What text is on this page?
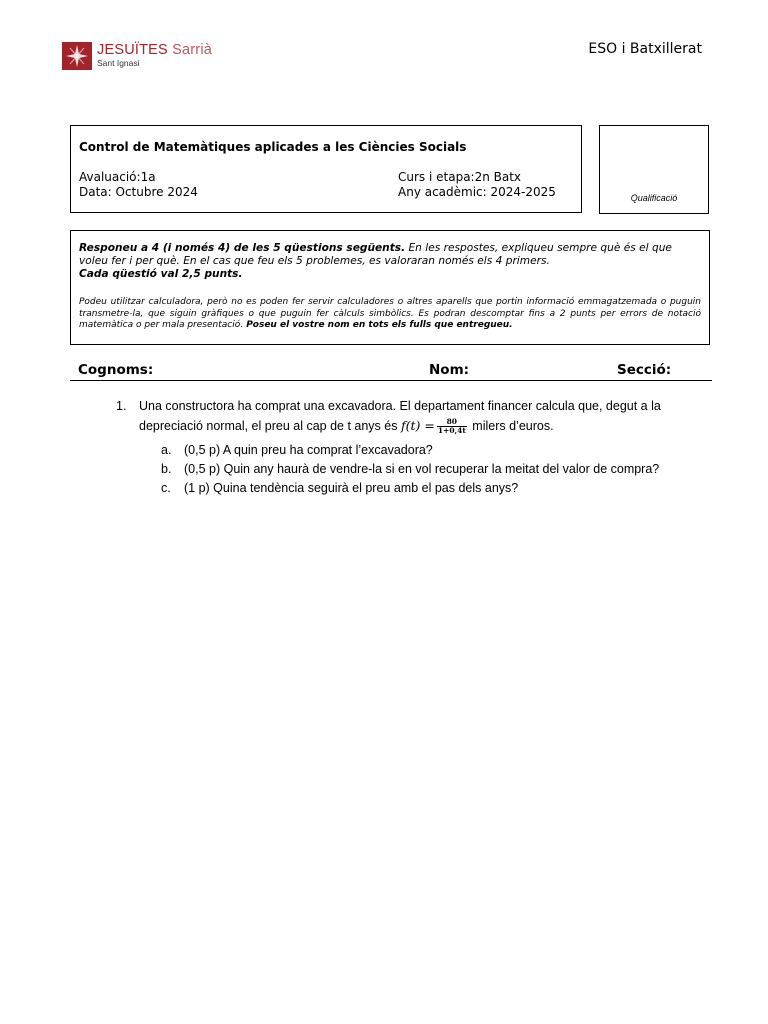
JESUÏTES Sarrià
Sant Ignasi
ESO i Batxillerat
Control de Matemàtiques aplicades a les Ciències Socials
Avaluació:1a
Data: Octubre 2024
Curs i etapa:2n Batx
Any acadèmic: 2024-2025	Qualificació
Responeu a 4 (i només 4) de les 5 qüestions següents. En les respostes, expliqueu sempre què és el que voleu fer i per què. En el cas que feu els 5 problemes, es valoraran només els 4 primers.
Cada qüestió val 2,5 punts.
Podeu utilitzar calculadora, però no es poden fer servir calculadores o altres aparells que portin informació emmagatzemada o puguin transmetre-la, que siguin gràfiques o que puguin fer càlculs simbòlics. Es podran descomptar fins a 2 punts per errors de notació matemàtica o per mala presentació. Poseu el vostre nom en tots els fulls que entregueu.
Cognoms:	Nom:	Secció:
1. Una constructora ha comprat una excavadora. El departament financer calcula que, degut a la
depreciació normal, el preu al cap de t anys és $f(t) = \frac{80}{1+0,4t}$ milers d’euros.
a. (0,5 p) A quin preu ha comprat l’excavadora?
b. (0,5 p) Quin any haurà de vendre-la si en vol recuperar la meitat del valor de compra?
c. (1 p) Quina tendència seguirà el preu amb el pas dels anys?
